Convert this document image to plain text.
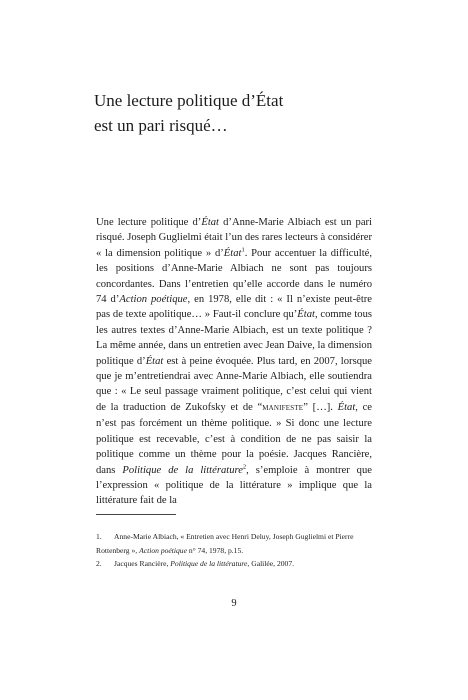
Une lecture politique d’État
est un pari risqué…

Une lecture politique d’État d’Anne-Marie Albiach est un pari risqué. Joseph Guglielmi était l’un des rares lecteurs à considérer « la dimension politique » d’État$^1$. Pour accentuer la difficulté, les positions d’Anne-Marie Albiach ne sont pas toujours concordantes. Dans l’entretien qu’elle accorde dans le numéro 74 d’Action poétique, en 1978, elle dit : « Il n’existe peut-être pas de texte apolitique… » Faut-il conclure qu’État, comme tous les autres textes d’Anne-Marie Albiach, est un texte politique ? La même année, dans un entretien avec Jean Daive, la dimension politique d’État est à peine évoquée. Plus tard, en 2007, lorsque que je m’entretiendrai avec Anne-Marie Albiach, elle soutiendra que : « Le seul passage vraiment politique, c’est celui qui vient de la traduction de Zukofsky et de “manifeste” […]. État, ce n’est pas forcément un thème politique. » Si donc une lecture politique est recevable, c’est à condition de ne pas saisir la politique comme un thème pour la poésie. Jacques Rancière, dans Politique de la littérature$^2$, s’emploie à montrer que l’expression « politique de la littérature » implique que la littérature fait de la

1. Anne-Marie Albiach, « Entretien avec Henri Deluy, Joseph Guglielmi et Pierre Rottenberg », Action poétique n° 74, 1978, p.15.

2. Jacques Rancière, Politique de la littérature, Galilée, 2007.

9
